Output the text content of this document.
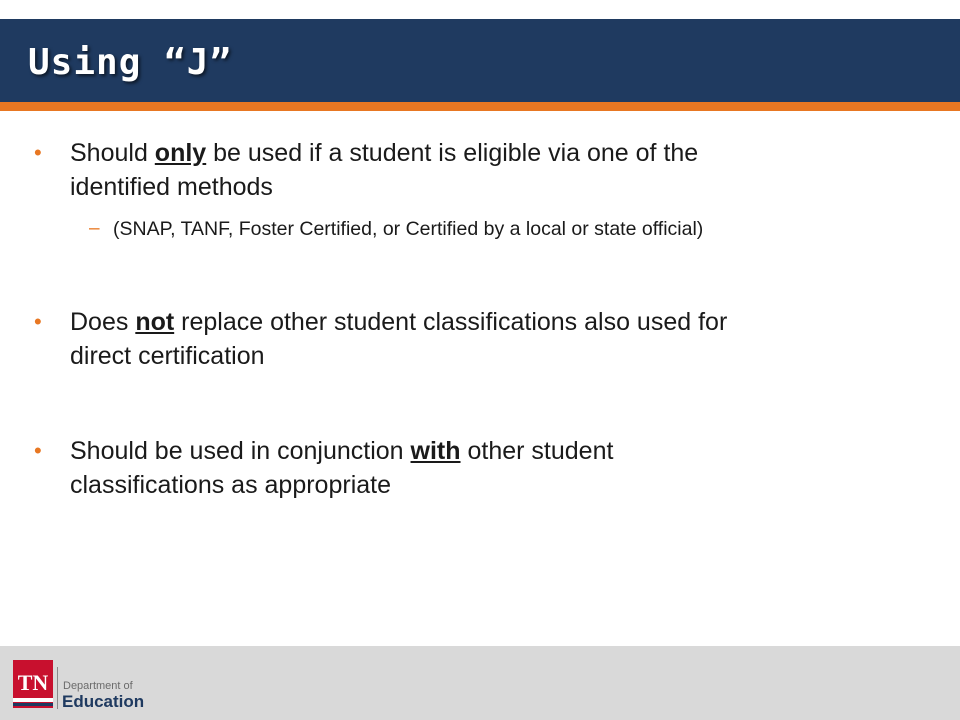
Using “J”
• Should only be used if a student is eligible via one of the
identified methods
– (SNAP, TANF, Foster Certified, or Certified by a local or state official)
• Does not replace other student classifications also used for
direct certification
• Should be used in conjunction with other student
classifications as appropriate
TN	Department of
Education
